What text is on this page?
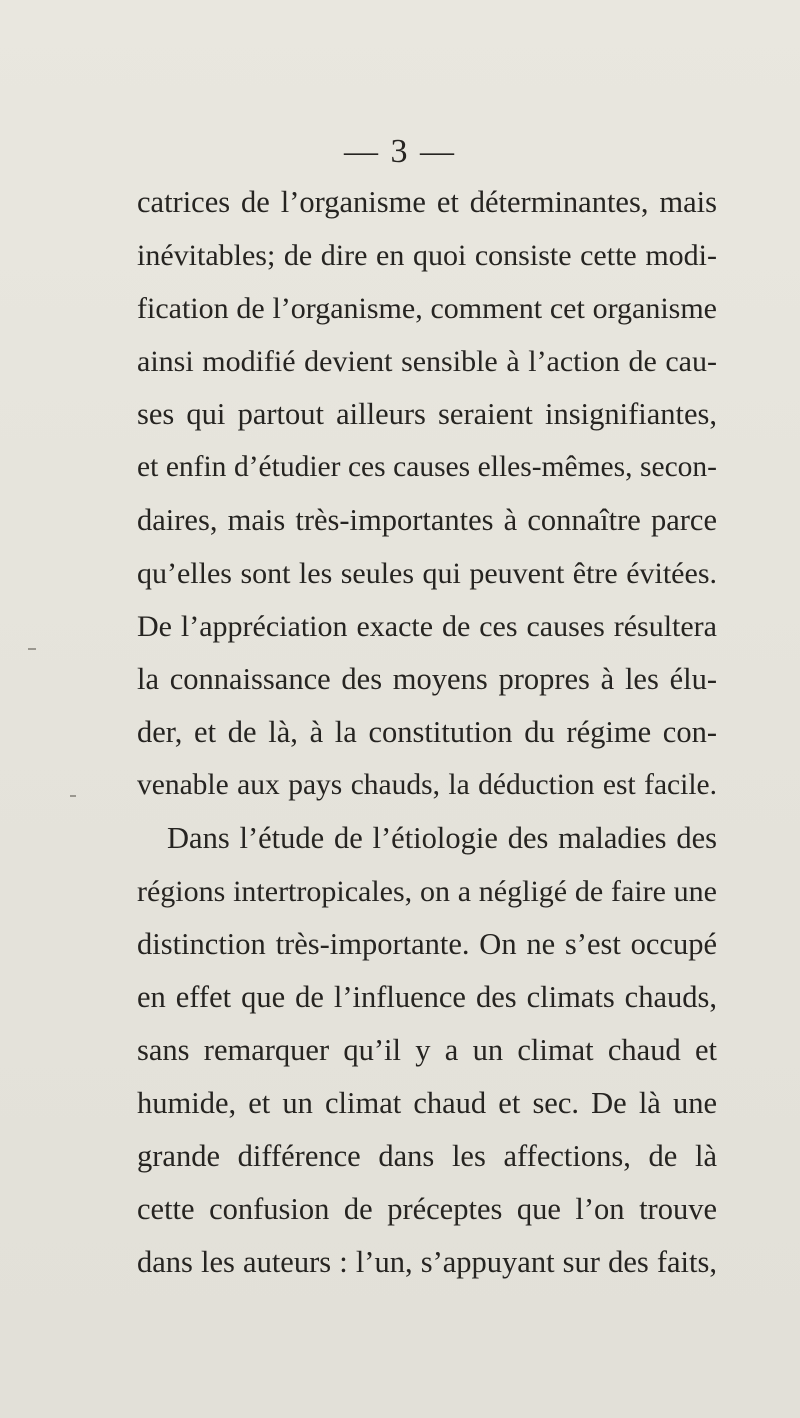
— 3 —
catrices de l’organisme et déterminantes, mais
inévitables; de dire en quoi consiste cette modi-
fication de l’organisme, comment cet organisme
ainsi modifié devient sensible à l’action de cau-
ses qui partout ailleurs seraient insignifiantes,
et enfin d’étudier ces causes elles-mêmes, secon-
daires, mais très-importantes à connaître parce
qu’elles sont les seules qui peuvent être évitées.
De l’appréciation exacte de ces causes résultera
la connaissance des moyens propres à les élu-
der, et de là, à la constitution du régime con-
venable aux pays chauds, la déduction est facile.
Dans l’étude de l’étiologie des maladies des
régions intertropicales, on a négligé de faire une
distinction très-importante. On ne s’est occupé
en effet que de l’influence des climats chauds,
sans remarquer qu’il y a un climat chaud et
humide, et un climat chaud et sec. De là une
grande différence dans les affections, de là
cette confusion de préceptes que l’on trouve
dans les auteurs : l’un, s’appuyant sur des faits,
